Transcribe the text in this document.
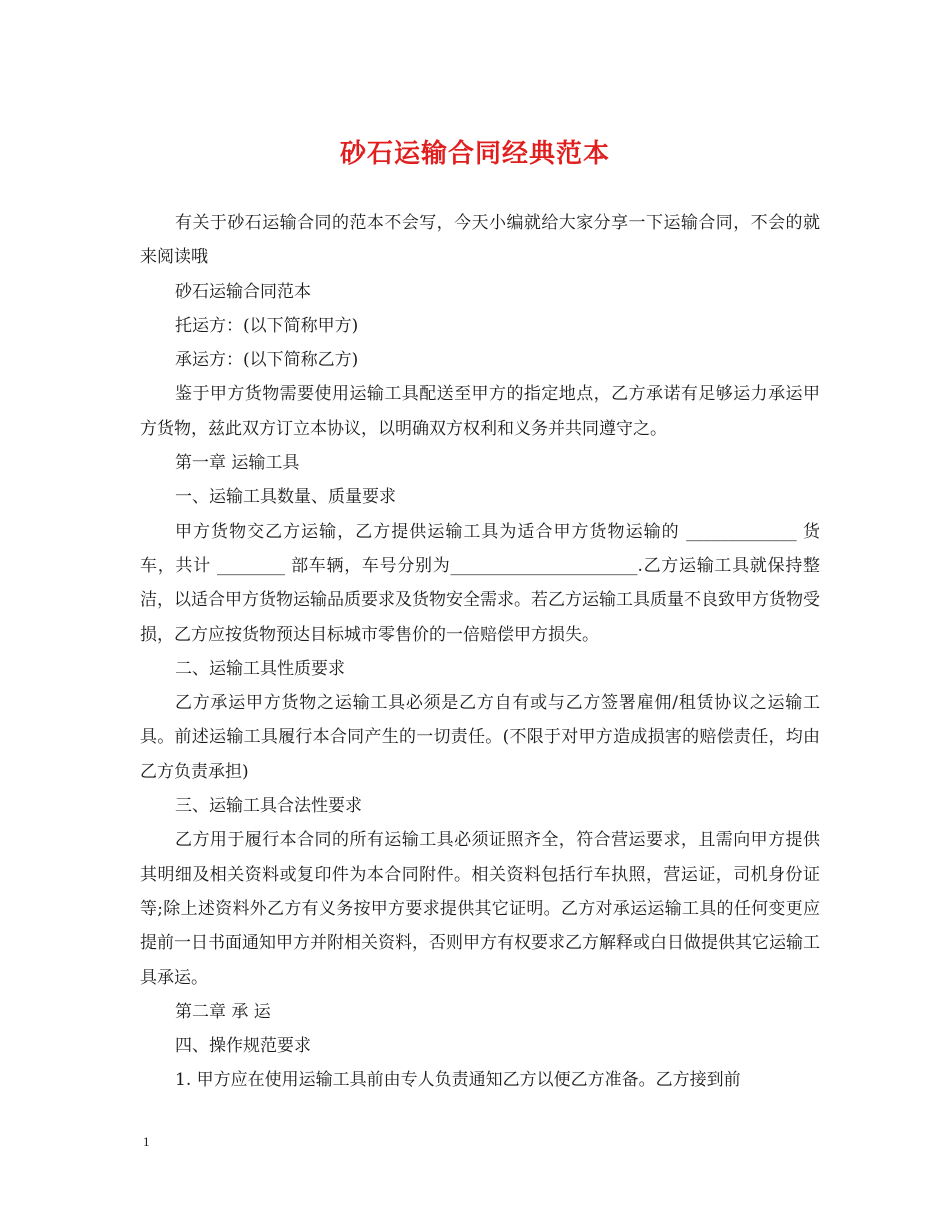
砂石运输合同经典范本

有关于砂石运输合同的范本不会写，今天小编就给大家分享一下运输合同，不会的就来阅读哦

砂石运输合同范本

托运方：(以下简称甲方)

承运方：(以下简称乙方)

鉴于甲方货物需要使用运输工具配送至甲方的指定地点，乙方承诺有足够运力承运甲方货物，兹此双方订立本协议，以明确双方权利和义务并共同遵守之。

第一章 运输工具

一、运输工具数量、质量要求

甲方货物交乙方运输，乙方提供运输工具为适合甲方货物运输的 _____________ 货车，共计 ________ 部车辆，车号分别为______________________.乙方运输工具就保持整洁，以适合甲方货物运输品质要求及货物安全需求。若乙方运输工具质量不良致甲方货物受损，乙方应按货物预达目标城市零售价的一倍赔偿甲方损失。

二、运输工具性质要求

乙方承运甲方货物之运输工具必须是乙方自有或与乙方签署雇佣/租赁协议之运输工具。前述运输工具履行本合同产生的一切责任。(不限于对甲方造成损害的赔偿责任，均由乙方负责承担)

三、运输工具合法性要求

乙方用于履行本合同的所有运输工具必须证照齐全，符合营运要求，且需向甲方提供其明细及相关资料或复印件为本合同附件。相关资料包括行车执照，营运证，司机身份证等;除上述资料外乙方有义务按甲方要求提供其它证明。乙方对承运运输工具的任何变更应提前一日书面通知甲方并附相关资料，否则甲方有权要求乙方解释或白日做提供其它运输工具承运。

第二章 承 运

四、操作规范要求

1. 甲方应在使用运输工具前由专人负责通知乙方以便乙方准备。乙方接到前

1
